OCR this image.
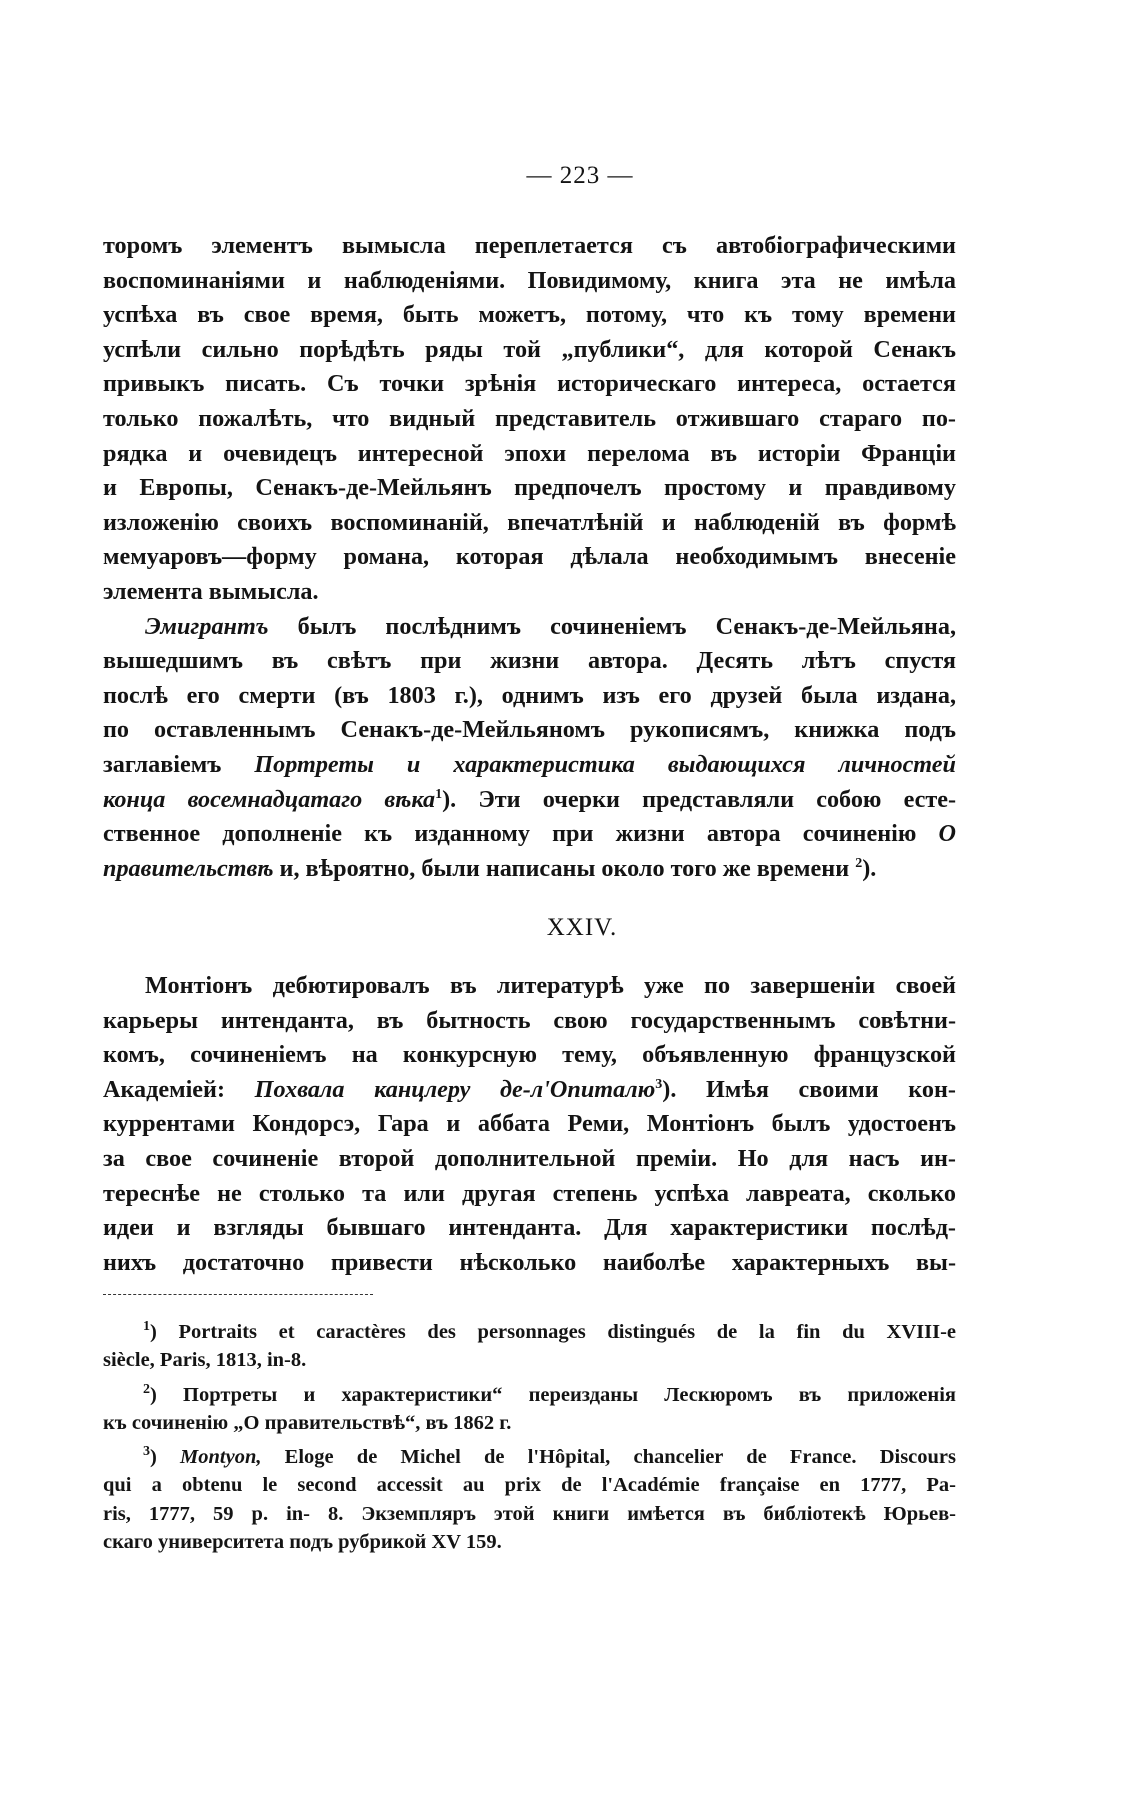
— 223 —
торомъ элементъ вымысла переплетается съ автобіографическими
воспоминаніями и наблюденіями. Повидимому, книга эта не имѣла
успѣха въ свое время, быть можетъ, потому, что къ тому времени
успѣли сильно порѣдѣть ряды той „публики“, для которой Сенакъ
привыкъ писать. Съ точки зрѣнія историческаго интереса, остается
только пожалѣть, что видный представитель отжившаго стараго по-
рядка и очевидецъ интересной эпохи перелома въ исторіи Франціи
и Европы, Сенакъ-де-Мейльянъ предпочелъ простому и правдивому
изложенію своихъ воспоминаній, впечатлѣній и наблюденій въ формѣ
мемуаровъ—форму романа, которая дѣлала необходимымъ внесеніе
элемента вымысла.
Эмигрантъ былъ послѣднимъ сочиненіемъ Сенакъ-де-Мейльяна,
вышедшимъ въ свѣтъ при жизни автора. Десять лѣтъ спустя
послѣ его смерти (въ 1803 г.), однимъ изъ его друзей была издана,
по оставленнымъ Сенакъ-де-Мейльяномъ рукописямъ, книжка подъ
заглавіемъ Портреты и характеристика выдающихся личностей
конца восемнадцатаго вѣка$^1$). Эти очерки представляли собою есте-
ственное дополненіе къ изданному при жизни автора сочиненію О
правительствѣ и, вѣроятно, были написаны около того же времени $^2$).
XXIV.
Монтіонъ дебютировалъ въ литературѣ уже по завершеніи своей
карьеры интенданта, въ бытность свою государственнымъ совѣтни-
комъ, сочиненіемъ на конкурсную тему, объявленную французской
Академіей: Похвала канцлеру де-л'Опиталю$^3$). Имѣя своими кон-
куррентами Кондорсэ, Гара и аббата Реми, Монтіонъ былъ удостоенъ
за свое сочиненіе второй дополнительной преміи. Но для насъ ин-
тереснѣе не столько та или другая степень успѣха лавреата, сколько
идеи и взгляды бывшаго интенданта. Для характеристики послѣд-
нихъ достаточно привести нѣсколько наиболѣе характерныхъ вы-
$^1$) Portraits et caractères des personnages distingués de la fin du XVIII-e
siècle, Paris, 1813, in-8.
$^2$) Портреты и характеристики“ переизданы Лескюромъ въ приложенія
къ сочиненію „О правительствѣ“, въ 1862 г.
$^3$) Montyon, Eloge de Michel de l'Hôpital, chancelier de France. Discours
qui a obtenu le second accessit au prix de l'Académie française en 1777, Pa-
ris, 1777, 59 p. in- 8. Экземпляръ этой книги имѣется въ библіотекѣ Юрьев-
скаго университета подъ рубрикой XV 159.
